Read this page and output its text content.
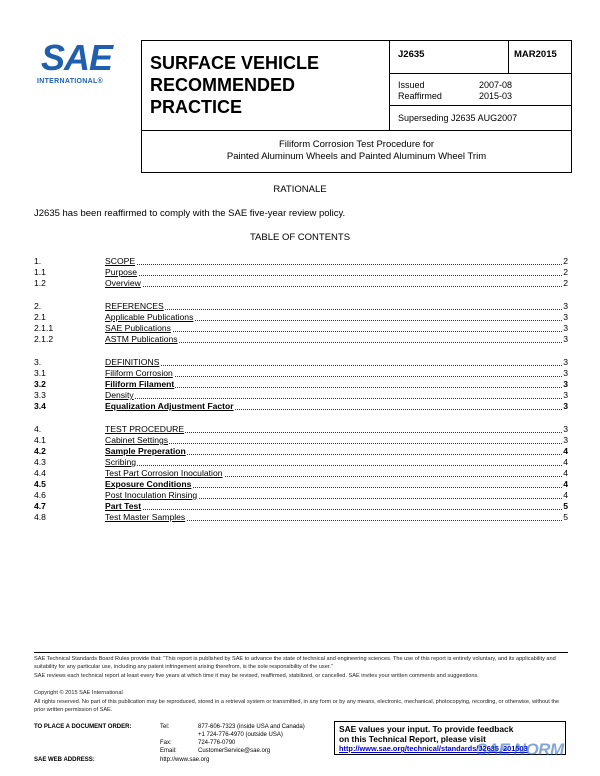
SAE
INTERNATIONAL®
SURFACE VEHICLE
RECOMMENDED PRACTICE
J2635	MAR2015
Issued	2007-08
Reaffirmed	2015-03
Superseding J2635 AUG2007
Filiform Corrosion Test Procedure for
Painted Aluminum Wheels and Painted Aluminum Wheel Trim
RATIONALE
J2635 has been reaffirmed to comply with the SAE five-year review policy.
TABLE OF CONTENTS
1.	SCOPE	2
1.1	Purpose	2
1.2	Overview	2
2.	REFERENCES	3
2.1	Applicable Publications	3
2.1.1	SAE Publications	3
2.1.2	ASTM Publications	3
3.	DEFINITIONS	3
3.1	Filiform Corrosion	3
3.2	Filiform Filament	3
3.3	Density	3
3.4	Equalization Adjustment Factor	3
4.	TEST PROCEDURE	3
4.1	Cabinet Settings	3
4.2	Sample Preperation	4
4.3	Scribing	4
4.4	Test Part Corrosion Inoculation	4
4.5	Exposure Conditions	4
4.6	Post Inoculation Rinsing	4
4.7	Part Test	5
4.8	Test Master Samples	5
SAE Technical Standards Board Rules provide that: “This report is published by SAE to advance the state of technical and engineering sciences. The use of this report is entirely voluntary, and its applicability and suitability for any particular use, including any patent infringement arising therefrom, is the sole responsibility of the user.”
SAE reviews each technical report at least every five years at which time it may be revised, reaffirmed, stabilized, or cancelled. SAE invites your written comments and suggestions.
Copyright © 2015 SAE International
All rights reserved. No part of this publication may be reproduced, stored in a retrieval system or transmitted, in any form or by any means, electronic, mechanical, photocopying, recording, or otherwise, without the prior written permission of SAE.
TO PLACE A DOCUMENT ORDER:	Tel:	877-606-7323 (inside USA and Canada)
+1 724-776-4970 (outside USA)
Fax:	724-776-0790
Email:	CustomerService@sae.org
SAE WEB ADDRESS:	http://www.sae.org
SAE values your input. To provide feedback
on this Technical Report, please visit
http://www.sae.org/technical/standards/J2635_201503
SAE NORM
